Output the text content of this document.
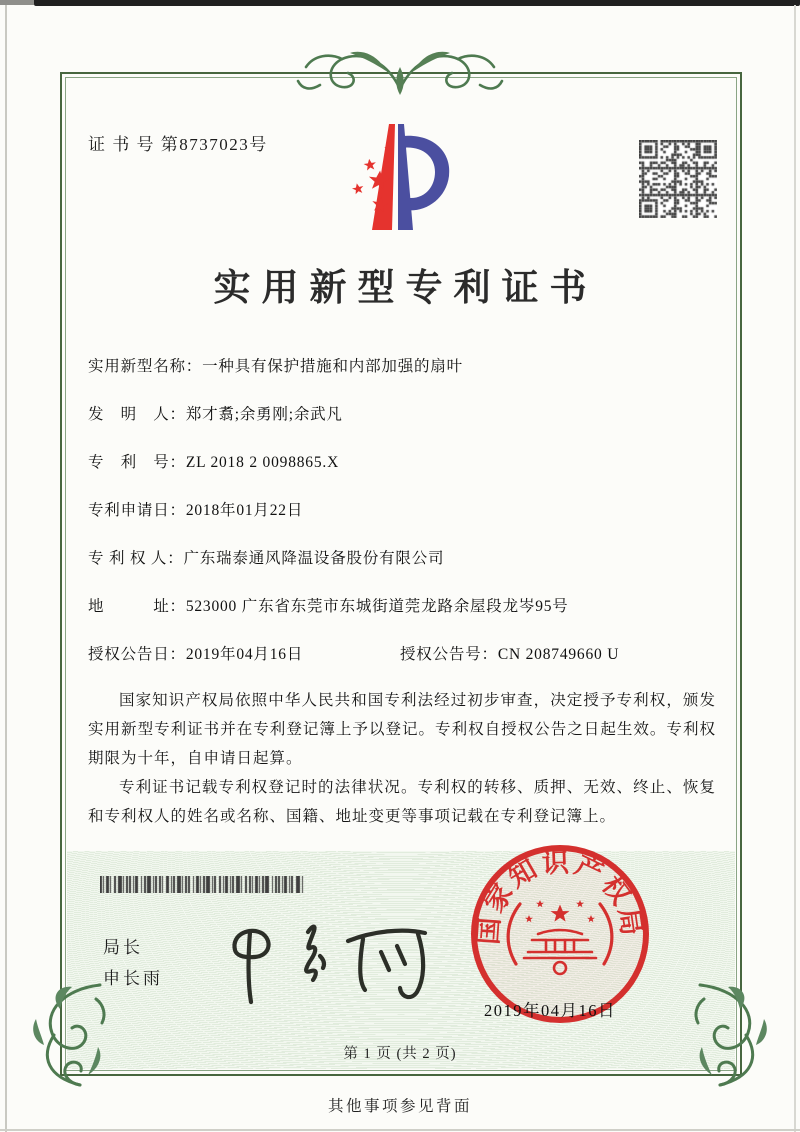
证 书 号 第8737023号
实用新型专利证书
实用新型名称：一种具有保护措施和内部加强的扇叶
发　明　人：郑才翥;余勇刚;余武凡
专　利　号：ZL 2018 2 0098865.X
专利申请日：2018年01月22日
专 利 权 人：广东瑞泰通风降温设备股份有限公司
地　　　址：523000 广东省东莞市东城街道莞龙路余屋段龙岑95号
授权公告日：2019年04月16日	授权公告号：CN 208749660 U

国家知识产权局依照中华人民共和国专利法经过初步审查，决定授予专利权，颁发实用新型专利证书并在专利登记簿上予以登记。专利权自授权公告之日起生效。专利权期限为十年，自申请日起算。

专利证书记载专利权登记时的法律状况。专利权的转移、质押、无效、终止、恢复和专利权人的姓名或名称、国籍、地址变更等事项记载在专利登记簿上。

局长
申长雨
国家知识产权局
2019年04月16日
第 1 页 (共 2 页)
其他事项参见背面
